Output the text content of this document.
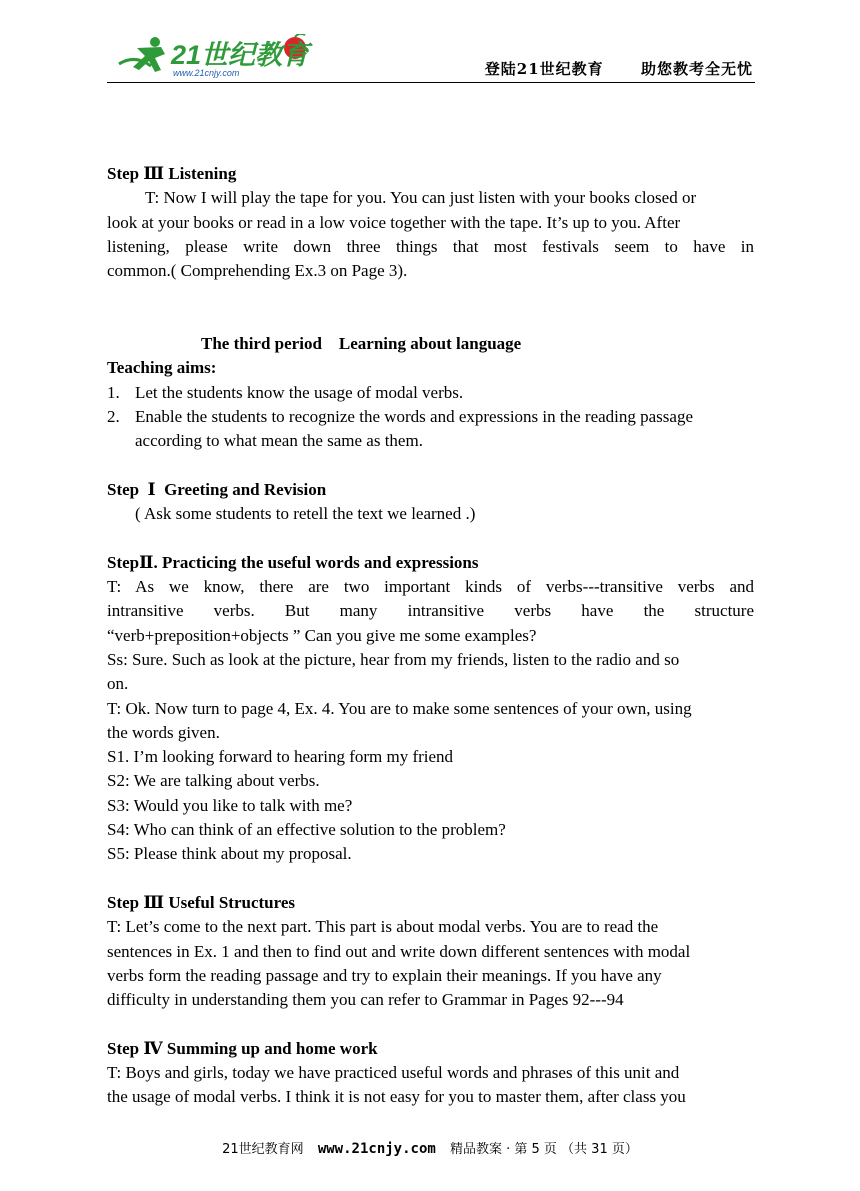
21世纪教育
www.21cnjy.com	登陆21世纪教育 助您教考全无忧
Step Ⅲ Listening
T: Now I will play the tape for you. You can just listen with your books closed or
look at your books or read in a low voice together with the tape. It’s up to you. After
listening, please write down three things that most festivals seem to have in
common.( Comprehending Ex.3 on Page 3).
The third period    Learning about language
Teaching aims:
1. Let the students know the usage of modal verbs.
2. Enable the students to recognize the words and expressions in the reading passage
according to what mean the same as them.
Step  Ⅰ  Greeting and Revision
( Ask some students to retell the text we learned .)
StepⅡ. Practicing the useful words and expressions
T: As we know, there are two important kinds of verbs---transitive verbs and
intransitive verbs. But many intransitive verbs have the structure
“verb+preposition+objects ” Can you give me some examples?
Ss: Sure. Such as look at the picture, hear from my friends, listen to the radio and so
on.
T: Ok. Now turn to page 4, Ex. 4. You are to make some sentences of your own, using
the words given.
S1. I’m looking forward to hearing form my friend
S2: We are talking about verbs.
S3: Would you like to talk with me?
S4: Who can think of an effective solution to the problem?
S5: Please think about my proposal.
Step Ⅲ Useful Structures
T: Let’s come to the next part. This part is about modal verbs. You are to read the
sentences in Ex. 1 and then to find out and write down different sentences with modal
verbs form the reading passage and try to explain their meanings. If you have any
difficulty in understanding them you can refer to Grammar in Pages 92---94
Step Ⅳ Summing up and home work
T: Boys and girls, today we have practiced useful words and phrases of this unit and
the usage of modal verbs. I think it is not easy for you to master them, after class you
21世纪教育网 www.21cnjy.com 精品教案 · 第 5 页 （共 31 页）
